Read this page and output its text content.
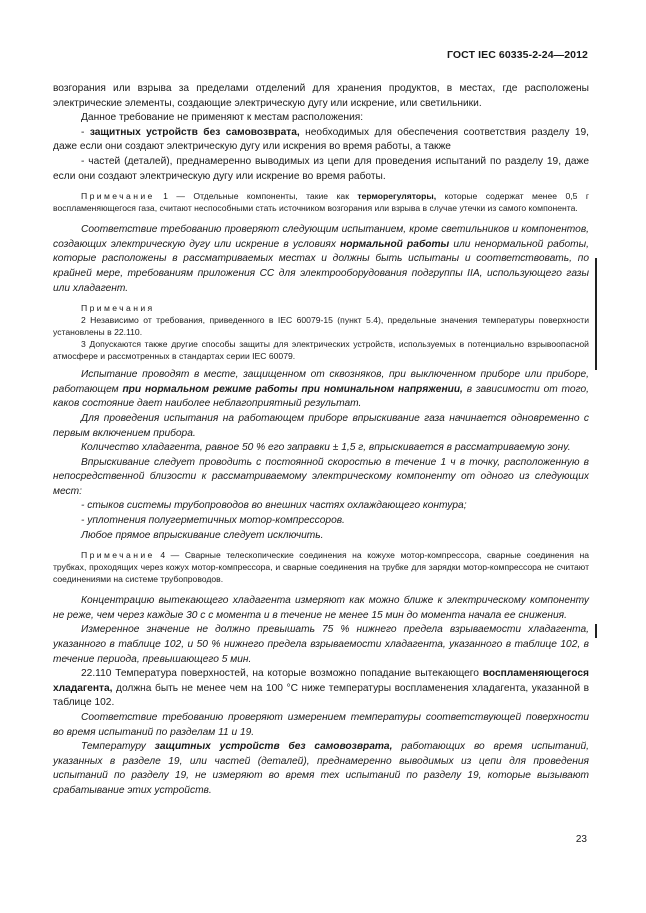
ГОСТ IEC 60335-2-24—2012

возгорания или взрыва за пределами отделений для хранения продуктов, в местах, где расположены электрические элементы, создающие электрическую дугу или искрение, или светильники.

Данное требование не применяют к местам расположения:

- защитных устройств без самовозврата, необходимых для обеспечения соответствия разделу 19, даже если они создают электрическую дугу или искрения во время работы, а также

- частей (деталей), преднамеренно выводимых из цепи для проведения испытаний по разделу 19, даже если они создают электрическую дугу или искрение во время работы.

Примечание 1 — Отдельные компоненты, такие как терморегуляторы, которые содержат менее 0,5 г воспламеняющегося газа, считают неспособными стать источником возгорания или взрыва в случае утечки из самого компонента.

Соответствие требованию проверяют следующим испытанием, кроме светильников и компонентов, создающих электрическую дугу или искрение в условиях нормальной работы или ненормальной работы, которые расположены в рассматриваемых местах и должны быть испытаны и соответствовать, по крайней мере, требованиям приложения СС для электрооборудования подгруппы IIA, использующего газы или хладагент.

Примечания

2 Независимо от требования, приведенного в IEC 60079-15 (пункт 5.4), предельные значения температуры поверхности установлены в 22.110.

3 Допускаются также другие способы защиты для электрических устройств, используемых в потенциально взрывоопасной атмосфере и рассмотренных в стандартах серии IEC 60079.

Испытание проводят в месте, защищенном от сквозняков, при выключенном приборе или приборе, работающем при нормальном режиме работы при номинальном напряжении, в зависимости от того, каков состояние дает наиболее неблагоприятный результат.

Для проведения испытания на работающем приборе впрыскивание газа начинается одновременно с первым включением прибора.

Количество хладагента, равное 50 % его заправки ± 1,5 г, впрыскивается в рассматриваемую зону.

Впрыскивание следует проводить с постоянной скоростью в течение 1 ч в точку, расположенную в непосредственной близости к рассматриваемому электрическому компоненту от одного из следующих мест:

- стыков системы трубопроводов во внешних частях охлаждающего контура;

- уплотнения полугерметичных мотор-компрессоров.

Любое прямое впрыскивание следует исключить.

Примечание 4 — Сварные телескопические соединения на кожухе мотор-компрессора, сварные соединения на трубках, проходящих через кожух мотор-компрессора, и сварные соединения на трубке для зарядки мотор-компрессора не считают соединениями на системе трубопроводов.

Концентрацию вытекающего хладагента измеряют как можно ближе к электрическому компоненту не реже, чем через каждые 30 с с момента и в течение не менее 15 мин до момента начала ее снижения.

Измеренное значение не должно превышать 75 % нижнего предела взрываемости хладагента, указанного в таблице 102, и 50 % нижнего предела взрываемости хладагента, указанного в таблице 102, в течение периода, превышающего 5 мин.

22.110 Температура поверхностей, на которые возможно попадание вытекающего воспламеняющегося хладагента, должна быть не менее чем на 100 °С ниже температуры воспламенения хладагента, указанной в таблице 102.

Соответствие требованию проверяют измерением температуры соответствующей поверхности во время испытаний по разделам 11 и 19.

Температуру защитных устройств без самовозврата, работающих во время испытаний, указанных в разделе 19, или частей (деталей), преднамеренно выводимых из цепи для проведения испытаний по разделу 19, не измеряют во время тех испытаний по разделу 19, которые вызывают срабатывание этих устройств.

23
